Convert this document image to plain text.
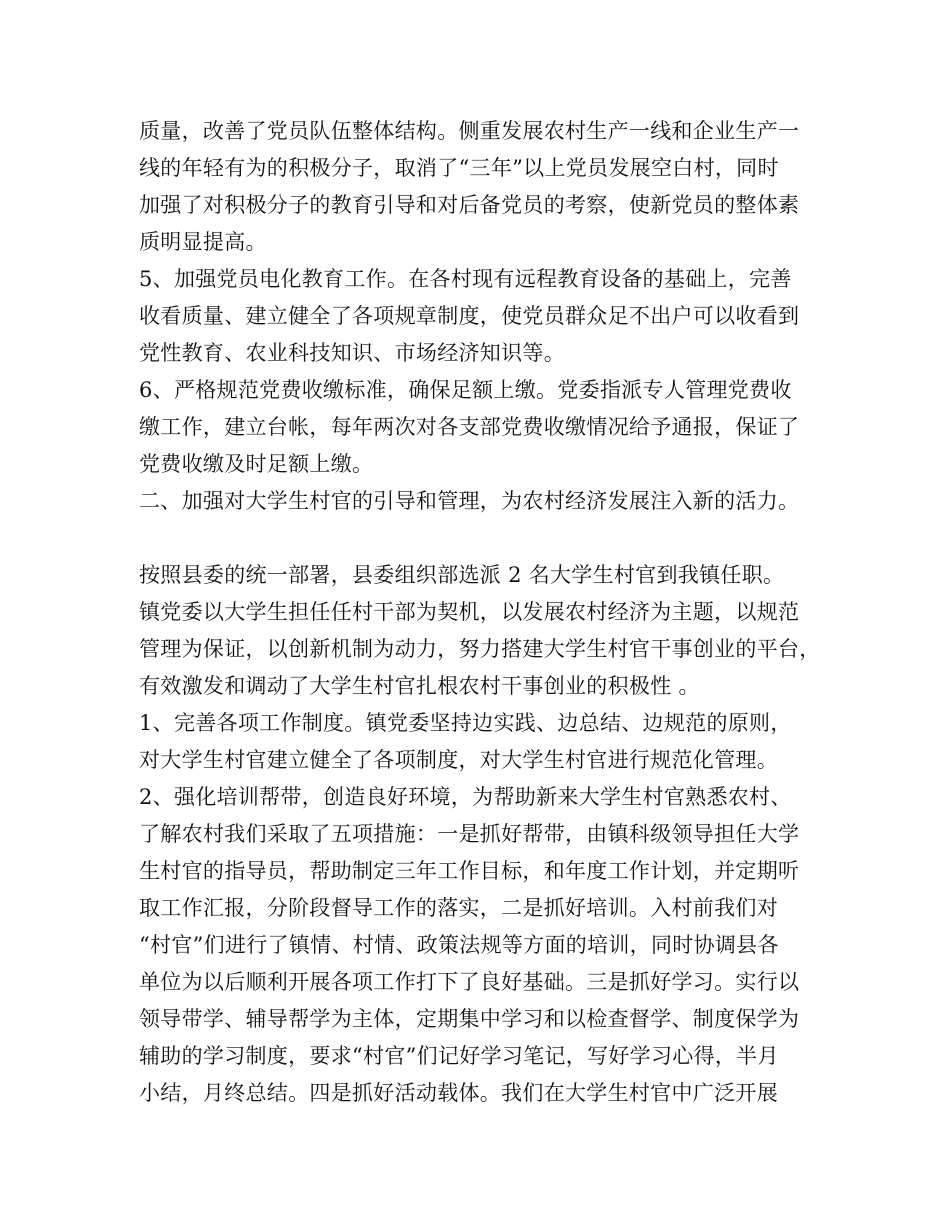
质量，改善了党员队伍整体结构。侧重发展农村生产一线和企业生产一
线的年轻有为的积极分子，取消了“三年”以上党员发展空白村，同时
加强了对积极分子的教育引导和对后备党员的考察，使新党员的整体素
质明显提高。
5、加强党员电化教育工作。在各村现有远程教育设备的基础上，完善
收看质量、建立健全了各项规章制度，使党员群众足不出户可以收看到
党性教育、农业科技知识、市场经济知识等。
6、严格规范党费收缴标准，确保足额上缴。党委指派专人管理党费收
缴工作，建立台帐，每年两次对各支部党费收缴情况给予通报，保证了
党费收缴及时足额上缴。
二、加强对大学生村官的引导和管理，为农村经济发展注入新的活力。
按照县委的统一部署，县委组织部选派 2 名大学生村官到我镇任职。
镇党委以大学生担任任村干部为契机，以发展农村经济为主题，以规范
管理为保证，以创新机制为动力，努力搭建大学生村官干事创业的平台，
有效激发和调动了大学生村官扎根农村干事创业的积极性 。
1、完善各项工作制度。镇党委坚持边实践、边总结、边规范的原则，
对大学生村官建立健全了各项制度，对大学生村官进行规范化管理。
2、强化培训帮带，创造良好环境，为帮助新来大学生村官熟悉农村、
了解农村我们采取了五项措施：一是抓好帮带，由镇科级领导担任大学
生村官的指导员，帮助制定三年工作目标，和年度工作计划，并定期听
取工作汇报，分阶段督导工作的落实，二是抓好培训。入村前我们对
“村官”们进行了镇情、村情、政策法规等方面的培训，同时协调县各
单位为以后顺利开展各项工作打下了良好基础。三是抓好学习。实行以
领导带学、辅导帮学为主体，定期集中学习和以检查督学、制度保学为
辅助的学习制度，要求“村官”们记好学习笔记，写好学习心得，半月
小结，月终总结。四是抓好活动载体。我们在大学生村官中广泛开展
